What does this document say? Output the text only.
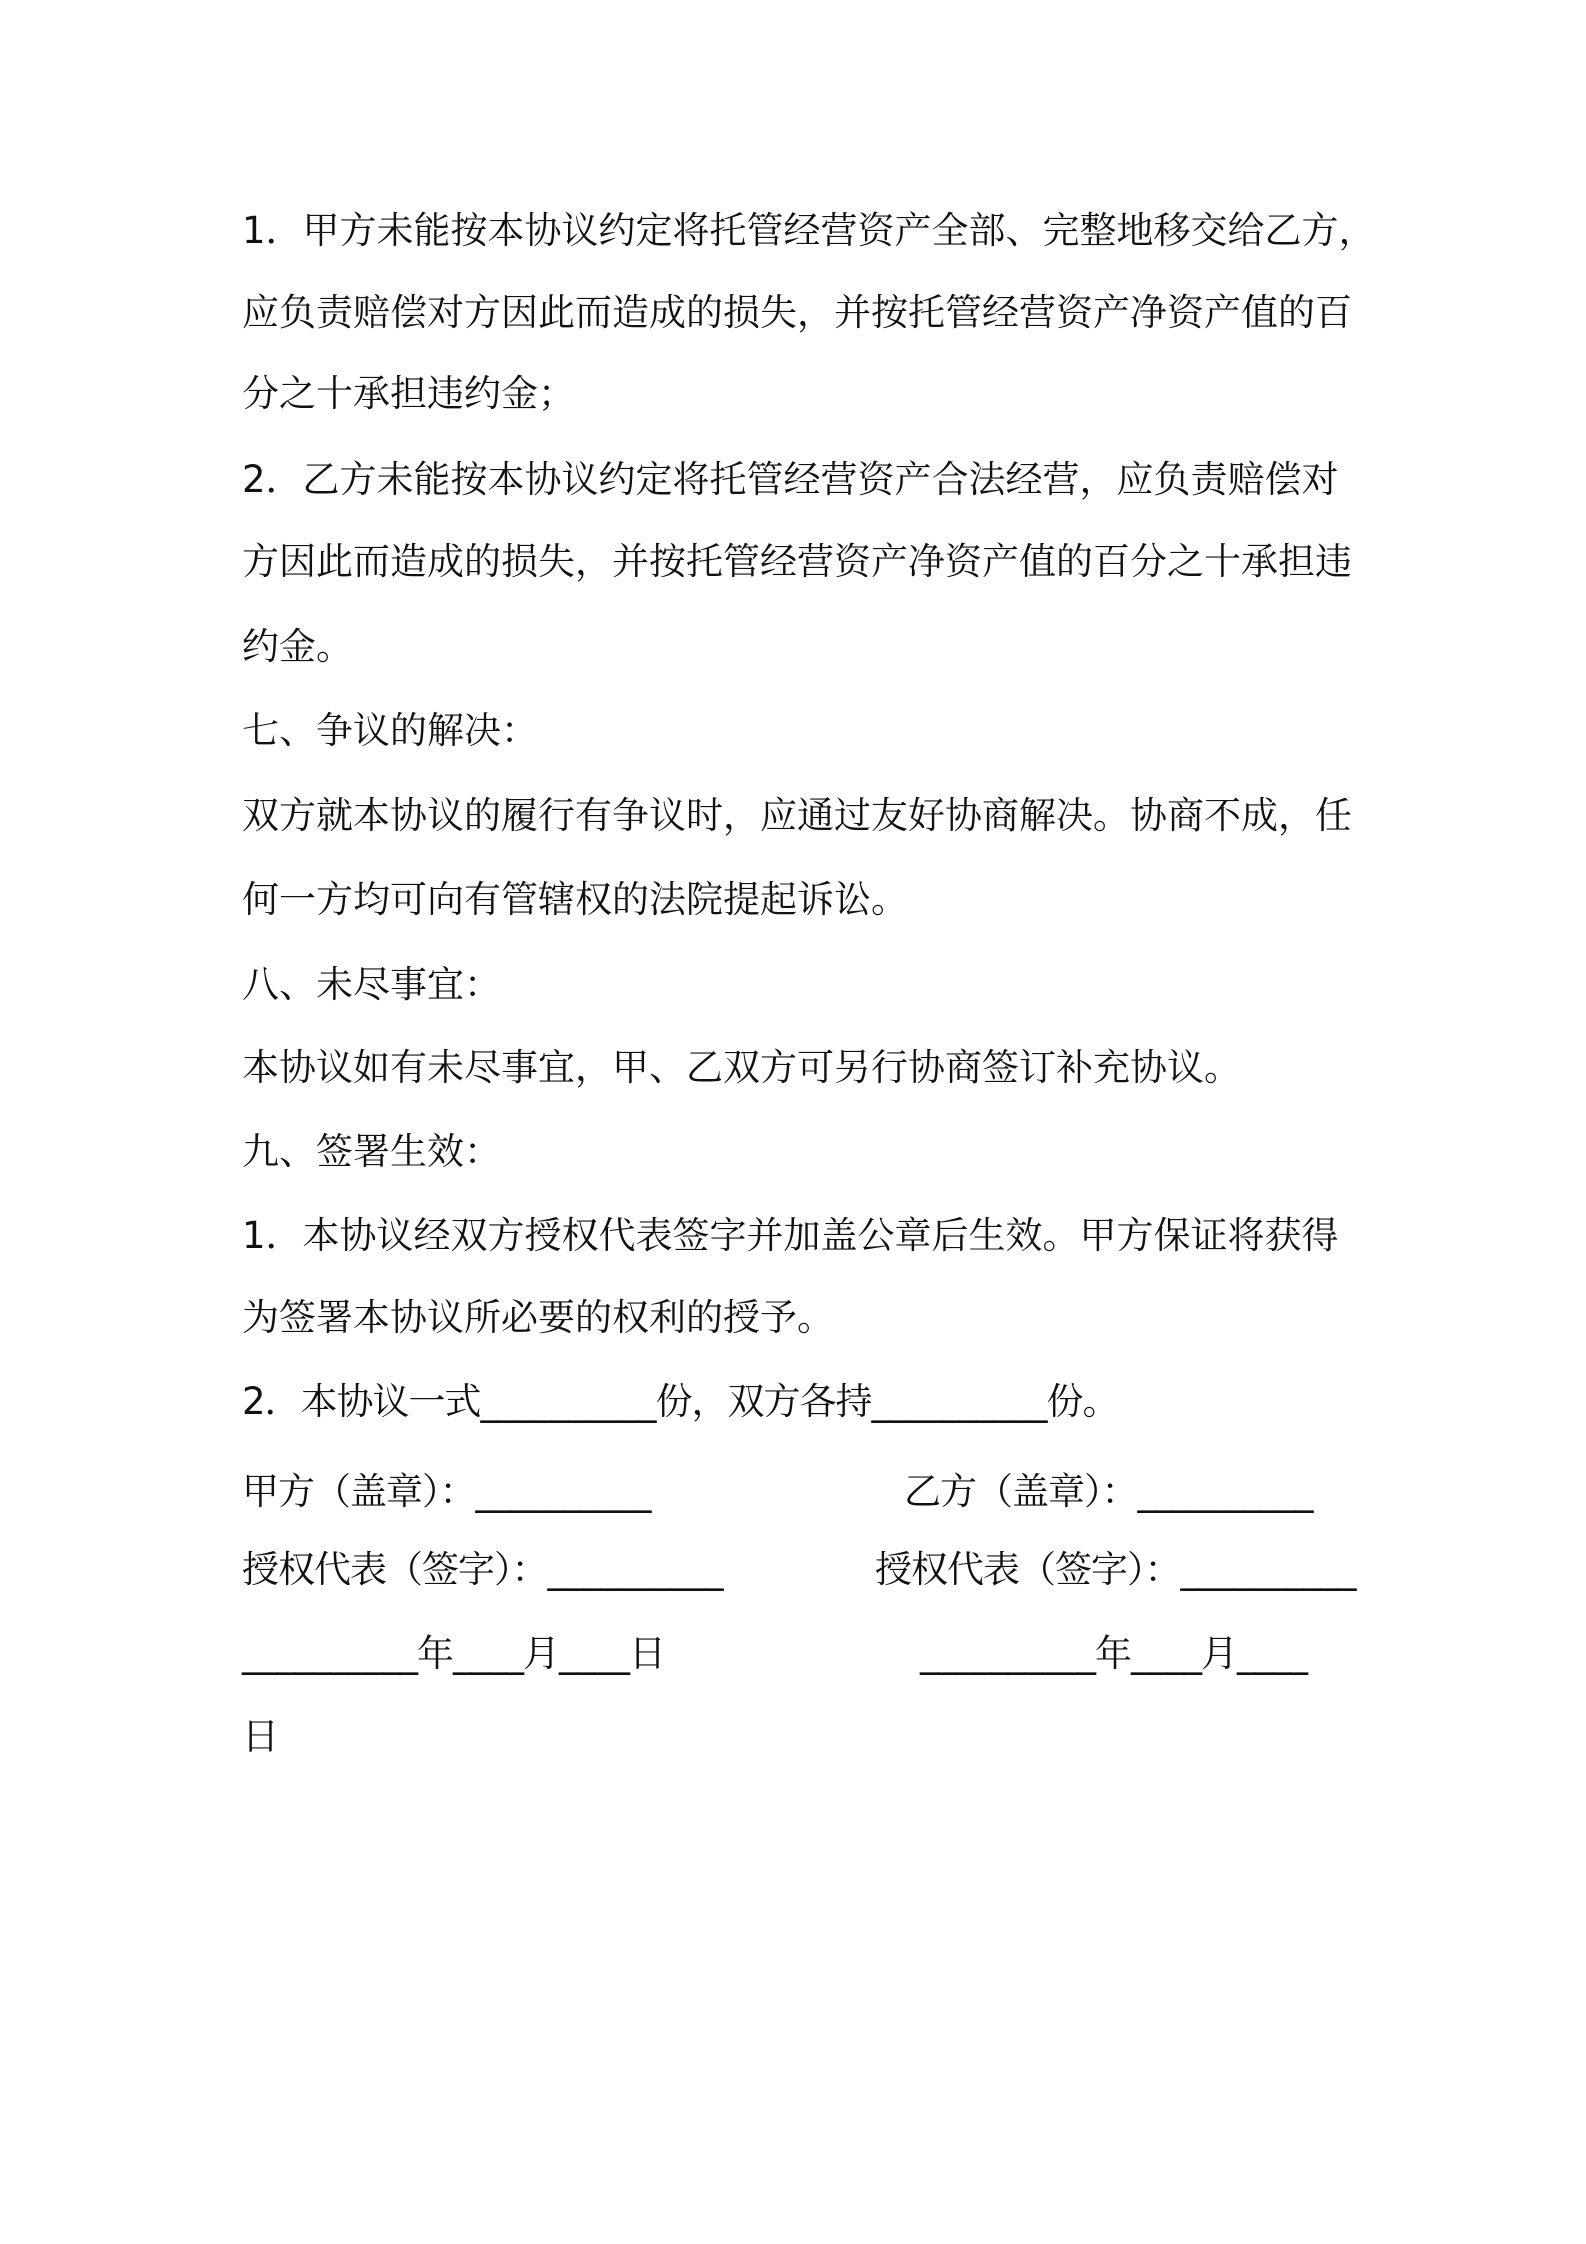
1．甲方未能按本协议约定将托管经营资产全部、完整地移交给乙方，
应负责赔偿对方因此而造成的损失，并按托管经营资产净资产值的百
分之十承担违约金；
2．乙方未能按本协议约定将托管经营资产合法经营，应负责赔偿对
方因此而造成的损失，并按托管经营资产净资产值的百分之十承担违
约金。
七、争议的解决：
双方就本协议的履行有争议时，应通过友好协商解决。协商不成，任
何一方均可向有管辖权的法院提起诉讼。
八、未尽事宜：
本协议如有未尽事宜，甲、乙双方可另行协商签订补充协议。
九、签署生效：
1．本协议经双方授权代表签字并加盖公章后生效。甲方保证将获得
为签署本协议所必要的权利的授予。
2．本协议一式__________份，双方各持__________份。
甲方（盖章）：__________	乙方（盖章）：__________
授权代表（签字）：__________	授权代表（签字）：__________
__________年____月____日	__________年____月____
日
